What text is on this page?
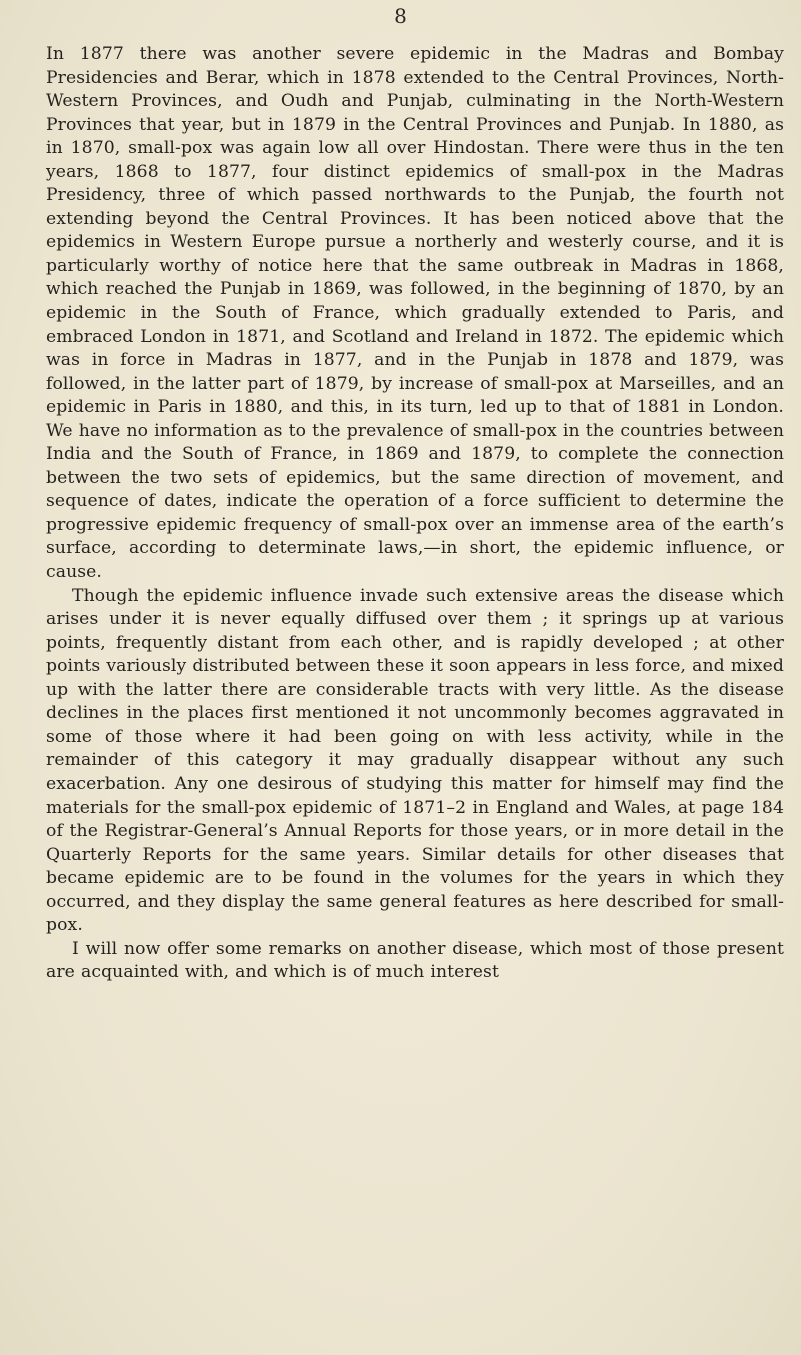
8

In 1877 there was another severe epidemic in the Madras and Bombay Presidencies and Berar, which in 1878 extended to the Central Provinces, North-Western Provinces, and Oudh and Punjab, culminating in the North-Western Provinces that year, but in 1879 in the Central Provinces and Punjab. In 1880, as in 1870, small-pox was again low all over Hindostan. There were thus in the ten years, 1868 to 1877, four distinct epidemics of small-pox in the Madras Presidency, three of which passed northwards to the Punjab, the fourth not extending beyond the Central Provinces. It has been noticed above that the epidemics in Western Europe pursue a northerly and westerly course, and it is particularly worthy of notice here that the same outbreak in Madras in 1868, which reached the Punjab in 1869, was followed, in the beginning of 1870, by an epidemic in the South of France, which gradually extended to Paris, and embraced London in 1871, and Scotland and Ireland in 1872. The epidemic which was in force in Madras in 1877, and in the Punjab in 1878 and 1879, was followed, in the latter part of 1879, by increase of small-pox at Marseilles, and an epidemic in Paris in 1880, and this, in its turn, led up to that of 1881 in London. We have no information as to the prevalence of small-pox in the countries between India and the South of France, in 1869 and 1879, to complete the connection between the two sets of epidemics, but the same direction of movement, and sequence of dates, indicate the operation of a force sufficient to determine the progressive epidemic frequency of small-pox over an immense area of the earth’s surface, according to determinate laws,—in short, the epidemic influence, or cause.

Though the epidemic influence invade such extensive areas the disease which arises under it is never equally diffused over them ; it springs up at various points, frequently distant from each other, and is rapidly developed ; at other points variously distributed between these it soon appears in less force, and mixed up with the latter there are considerable tracts with very little. As the disease declines in the places first mentioned it not uncommonly becomes aggravated in some of those where it had been going on with less activity, while in the remainder of this category it may gradually disappear without any such exacerbation. Any one desirous of studying this matter for himself may find the materials for the small-pox epidemic of 1871–2 in England and Wales, at page 184 of the Registrar-General’s Annual Reports for those years, or in more detail in the Quarterly Reports for the same years. Similar details for other diseases that became epidemic are to be found in the volumes for the years in which they occurred, and they display the same general features as here described for small-pox.

I will now offer some remarks on another disease, which most of those present are acquainted with, and which is of much interest
